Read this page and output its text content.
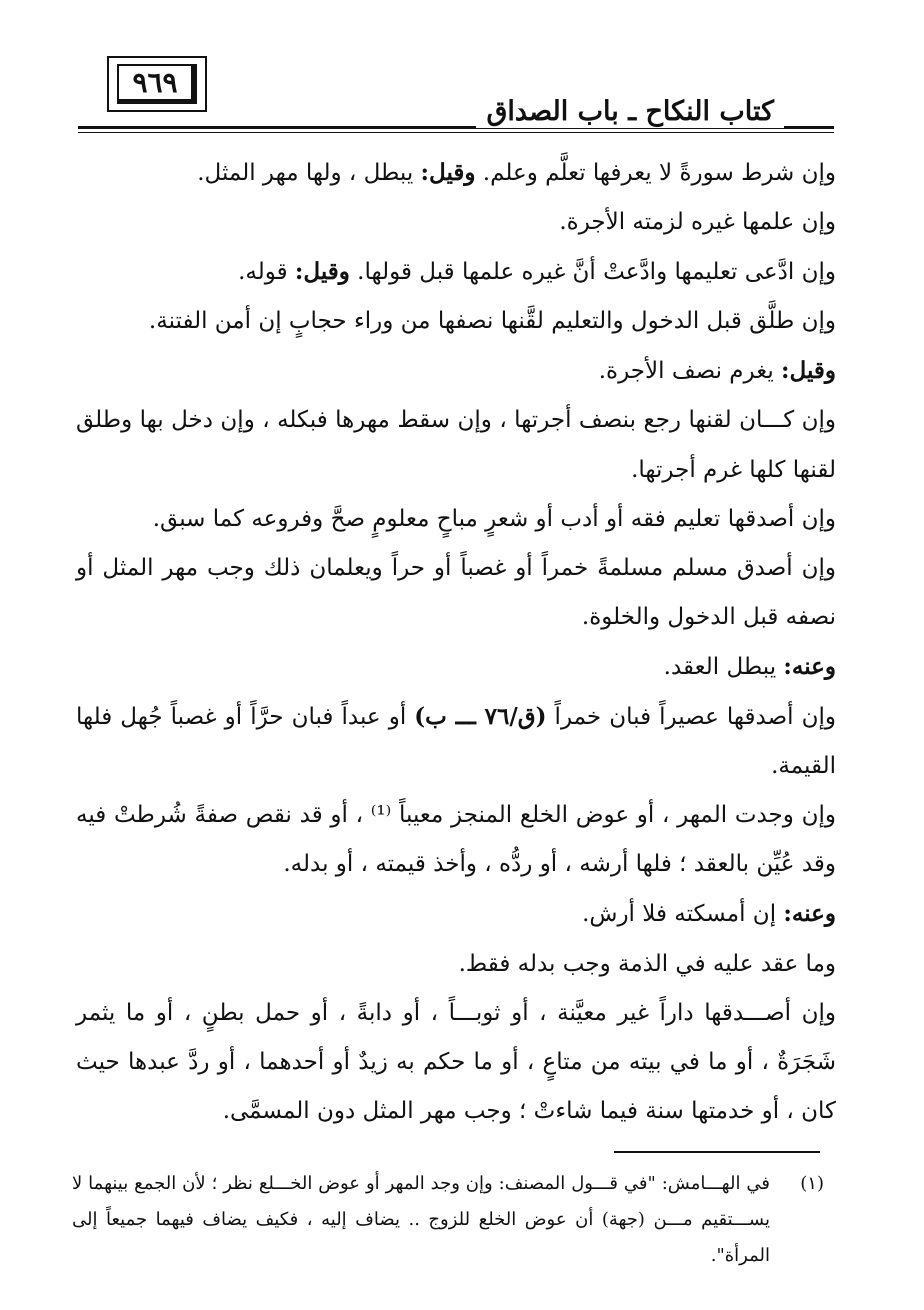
٩٦٩
كتاب النكاح ـ باب الصداق

وإن شرط سورةً لا يعرفها تعلَّم وعلم. وقيل: يبطل ، ولها مهر المثل.

وإن علمها غيره لزمته الأجرة.

وإن ادَّعى تعليمها وادَّعتْ أنَّ غيره علمها قبل قولها. وقيل: قوله.

وإن طلَّق قبل الدخول والتعليم لقَّنها نصفها من وراء حجابٍ إن أمن الفتنة.

وقيل: يغرم نصف الأجرة.

وإن كـــان لقنها رجع بنصف أجرتها ، وإن سقط مهرها فبكله ، وإن دخل بها وطلق لقنها كلها غرم أجرتها.

وإن أصدقها تعليم فقه أو أدب أو شعرٍ مباحٍ معلومٍ صحَّ وفروعه كما سبق.

وإن أصدق مسلم مسلمةً خمراً أو غصباً أو حراً ويعلمان ذلك وجب مهر المثل أو نصفه قبل الدخول والخلوة.

وعنه: يبطل العقد.

وإن أصدقها عصيراً فبان خمراً (ق/٧٦ ـــ ب) أو عبداً فبان حرَّاً أو غصباً جُهل فلها القيمة.

وإن وجدت المهر ، أو عوض الخلع المنجز معيباً ⁽¹⁾ ، أو قد نقص صفةً شُرطتْ فيه وقد عُيِّن بالعقد ؛ فلها أرشه ، أو ردُّه ، وأخذ قيمته ، أو بدله.

وعنه: إن أمسكته فلا أرش.

وما عقد عليه في الذمة وجب بدله فقط.

وإن أصـــدقها داراً غير معيَّنة ، أو ثوبـــاً ، أو دابةً ، أو حمل بطنٍ ، أو ما يثمر شَجَرَةٌ ، أو ما في بيته من متاعٍ ، أو ما حكم به زيدٌ أو أحدهما ، أو ردَّ عبدها حيث كان ، أو خدمتها سنة فيما شاءتْ ؛ وجب مهر المثل دون المسمَّى.

(١)
في الهـــامش: "في قـــول المصنف: وإن وجد المهر أو عوض الخـــلع نظر ؛ لأن الجمع بينهما لا يســـتقيم مـــن (جهة) أن عوض الخلع للزوج .. يضاف إليه ، فكيف يضاف فيهما جميعاً إلى المرأة".
